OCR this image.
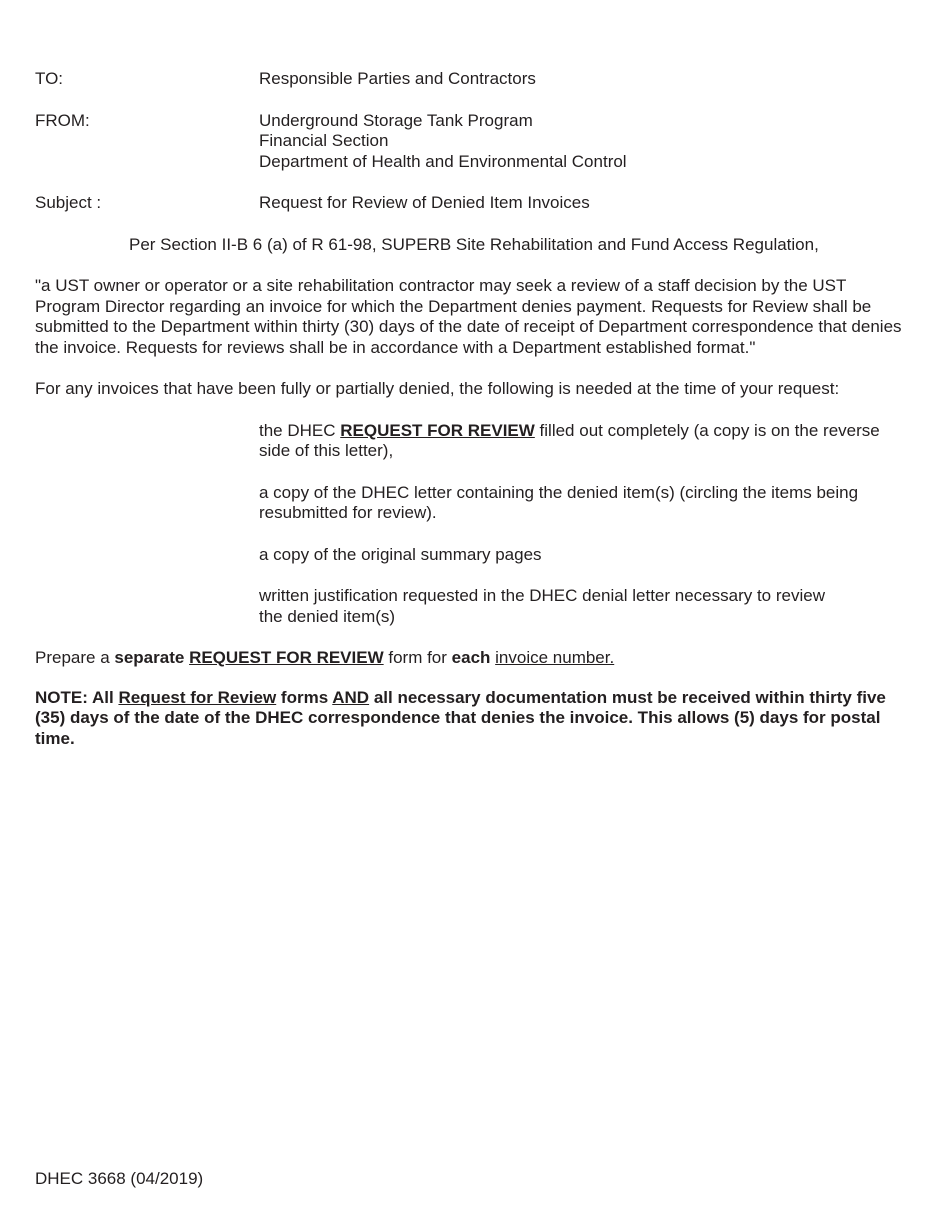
TO:	Responsible Parties and Contractors
FROM:	Underground Storage Tank Program
Financial Section
Department of Health and Environmental Control
Subject :	Request for Review of Denied Item Invoices

Per Section II-B 6 (a) of R 61-98, SUPERB Site Rehabilitation and Fund Access Regulation,

"a UST owner or operator or a site rehabilitation contractor may seek a review of a staff decision by the UST Program Director regarding an invoice for which the Department denies payment. Requests for Review shall be submitted to the Department within thirty (30) days of the date of receipt of Department correspondence that denies the invoice. Requests for reviews shall be in accordance with a Department established format."

For any invoices that have been fully or partially denied, the following is needed at the time of your request:

the DHEC REQUEST FOR REVIEW filled out completely (a copy is on the reverse side of this letter),

a copy of the DHEC letter containing the denied item(s) (circling the items being resubmitted for review).

a copy of the original summary pages

written justification requested in the DHEC denial letter necessary to review
the denied item(s)

Prepare a separate REQUEST FOR REVIEW form for each invoice number.

NOTE: All Request for Review forms AND all necessary documentation must be received within thirty five (35) days of the date of the DHEC correspondence that denies the invoice. This allows (5) days for postal time.

DHEC 3668 (04/2019)
